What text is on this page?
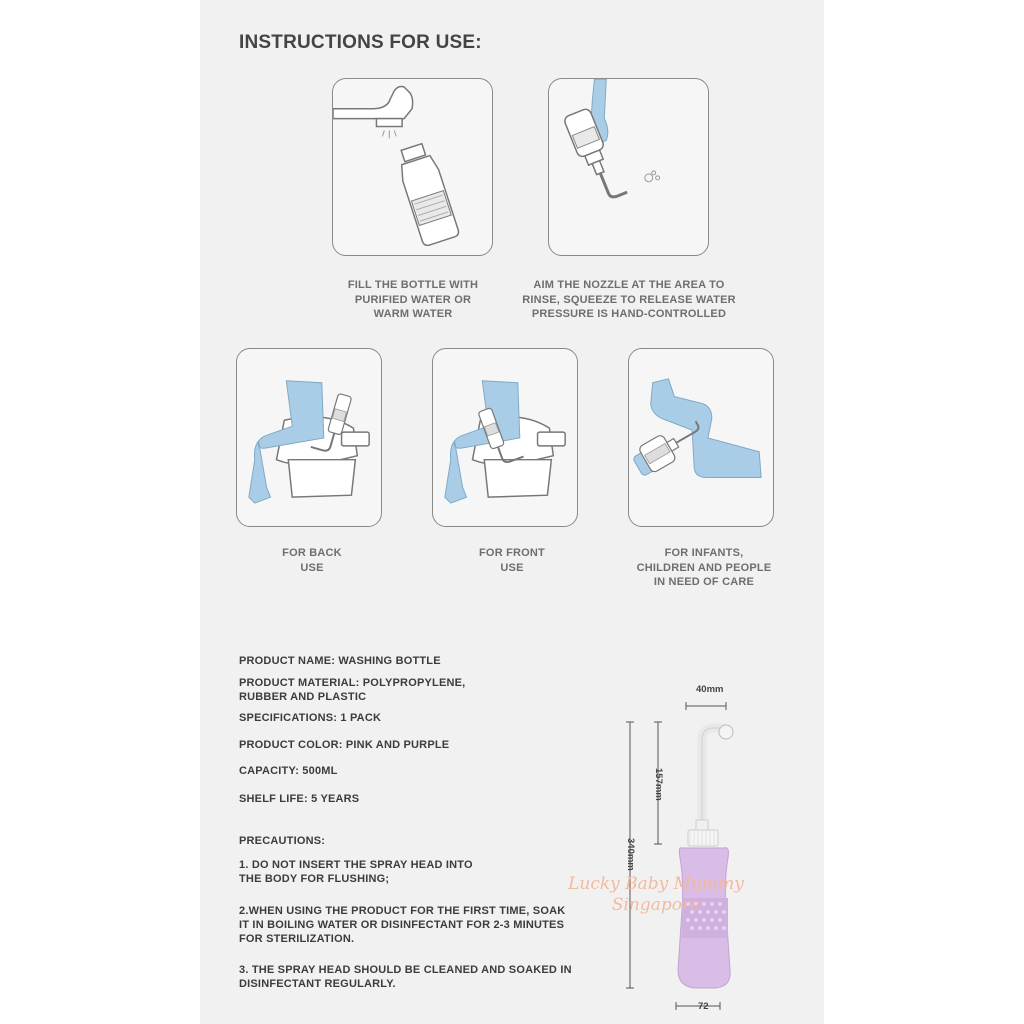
INSTRUCTIONS FOR USE:
FILL THE BOTTLE WITH
PURIFIED WATER OR
WARM WATER
AIM THE NOZZLE AT THE AREA TO
RINSE, SQUEEZE TO RELEASE WATER
PRESSURE IS HAND-CONTROLLED
FOR BACK
USE
FOR FRONT
USE
FOR INFANTS,
CHILDREN AND PEOPLE
IN NEED OF CARE
PRODUCT NAME: WASHING BOTTLE
PRODUCT MATERIAL: POLYPROPYLENE,
RUBBER AND PLASTIC
SPECIFICATIONS: 1 PACK
PRODUCT COLOR: PINK AND PURPLE
CAPACITY: 500ML
SHELF LIFE: 5 YEARS
PRECAUTIONS:
1. DO NOT INSERT THE SPRAY HEAD INTO
THE BODY FOR FLUSHING;
2.WHEN USING THE PRODUCT FOR THE FIRST TIME, SOAK
IT IN BOILING WATER OR DISINFECTANT FOR 2-3 MINUTES
FOR STERILIZATION.
3. THE SPRAY HEAD SHOULD BE CLEANED AND SOAKED IN
DISINFECTANT REGULARLY.
40mm
157mm
340mm
72
Lucky Baby Mummy
Singapore
